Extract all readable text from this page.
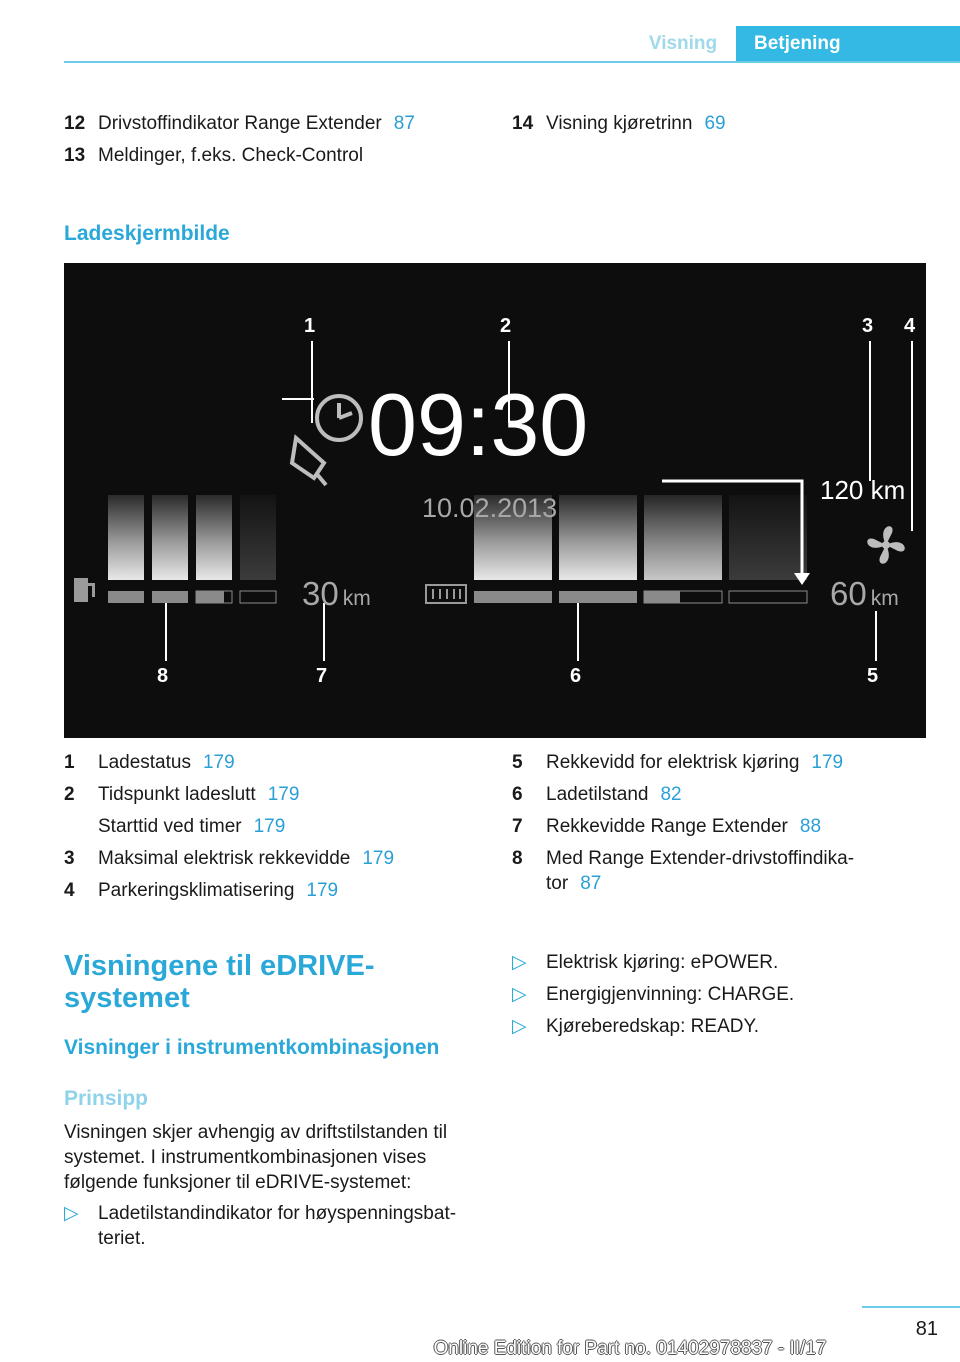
Visning	Betjening
12 Drivstoffindikator Range Extender 87
13 Meldinger, f.eks. Check-Control
14 Visning kjøretrinn 69
Ladeskjermbilde
09:30
10.02.2013
120 km
30 km	60 km
1	2	3 4
5
6
7
8
1 Ladestatus 179
2 Tidspunkt ladeslutt 179
Starttid ved timer 179
3 Maksimal elektrisk rekkevidde 179
4 Parkeringsklimatisering 179
5 Rekkevidd for elektrisk kjøring 179
6 Ladetilstand 82
7 Rekkevidde Range Extender 88
8 Med Range Extender-drivstoffindika-
tor 87
Visningene til eDRIVE-
systemet
Visninger i instrumentkombinasjonen
Prinsipp
Visningen skjer avhengig av driftstilstanden til systemet. I instrumentkombinasjonen vises følgende funksjoner til eDRIVE-systemet:
▷ Ladetilstandindikator for høyspenningsbat-
teriet.
▷ Elektrisk kjøring: ePOWER.
▷ Energigjenvinning: CHARGE.
▷ Kjøreberedskap: READY.
81
Online Edition for Part no. 01402978837 - II/17
